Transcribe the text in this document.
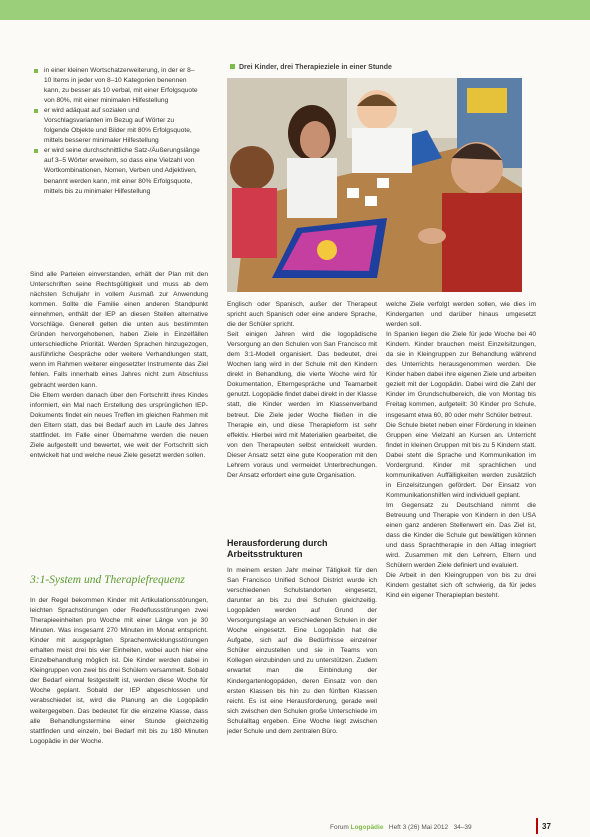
in einer kleinen Wortschatzerweiterung, in der er 8–10 Items in jeder von 8–10 Kategorien benennen kann, zu besser als 10 verbal, mit einer Erfolgsquote von 80%, mit einer minimalen Hilfestellung
er wird adäquat auf sozialen und Vorschlagsvarianten im Bezug auf Wörter zu folgende Objekte und Bilder mit 80% Erfolgsquote, mittels besserer minimaler Hilfestellung
er wird seine durchschnittliche Satz-/Äußerungslänge auf 3–5 Wörter erweitern, so dass eine Vielzahl von Wortkombinationen, Nomen, Verben und Adjektiven, benannt werden kann, mit einer 80% Erfolgsquote, mittels bis zu minimaler Hilfestellung

Sind alle Parteien einverstanden, erhält der Plan mit den Unterschriften seine Rechtsgültigkeit und muss ab dem nächsten Schuljahr in vollem Ausmaß zur Anwendung kommen. Sollte die Familie einen anderen Standpunkt einnehmen, enthält der IEP an diesen Stellen alternative Vorschläge. Generell gelten die unten aus bestimmten Gründen hervorgehobenen, haben Ziele in Einzelfällen unterschiedliche Priorität. Werden Sprachen hinzugezogen, ausführliche Gespräche oder weitere Verhandlungen statt, wenn im Rahmen weiterer eingesetzter Instrumente das Ziel fehlen. Falls innerhalb eines Jahres nicht zum Abschluss gebracht werden kann.

Die Eltern werden danach über den Fortschritt ihres Kindes informiert, ein Mal nach Erstellung des ursprünglichen IEP-Dokuments findet ein neues Treffen im gleichen Rahmen mit den Eltern statt, das bei Bedarf auch im Laufe des Jahres stattfindet. Im Falle einer Übernahme werden die neuen Ziele aufgestellt und bewertet, wie weit der Fortschritt sich entwickelt hat und welche neue Ziele gesetzt werden sollen.

3:1-System und Therapiefrequenz

In der Regel bekommen Kinder mit Artikulationsstörungen, leichten Sprachstörungen oder Redeflussstörungen zwei Therapieeinheiten pro Woche mit einer Länge von je 30 Minuten. Was insgesamt 270 Minuten im Monat entspricht. Kinder mit ausgeprägten Sprachentwicklungsstörungen erhalten meist drei bis vier Einheiten, wobei auch hier eine Einzelbehandlung möglich ist. Die Kinder werden dabei in Kleingruppen von zwei bis drei Schülern versammelt. Sobald der Bedarf einmal festgestellt ist, werden diese Woche für Woche geplant. Sobald der IEP abgeschlossen und verabschiedet ist, wird die Planung an die Logopädin weitergegeben. Das bedeutet für die einzelne Klasse, dass alle Behandlungstermine einer Stunde gleichzeitig stattfinden und einzeln, bei Bedarf mit bis zu 180 Minuten Logopädie in der Woche.

Drei Kinder, drei Therapieziele in einer Stunde

Englisch oder Spanisch, außer der Therapeut spricht auch Spanisch oder eine andere Sprache, die der Schüler spricht.

Seit einigen Jahren wird die logopädische Versorgung an den Schulen von San Francisco mit dem 3:1-Modell organisiert. Das bedeutet, drei Wochen lang wird in der Schule mit den Kindern direkt in Behandlung, die vierte Woche wird für Dokumentation, Elterngespräche und Teamarbeit genutzt. Logopädie findet dabei direkt in der Klasse statt, die Kinder werden im Klassenverband betreut. Die Ziele jeder Woche fließen in die Therapie ein, und diese Therapieform ist sehr effektiv. Hierbei wird mit Materialien gearbeitet, die von den Therapeuten selbst entwickelt wurden. Dieser Ansatz setzt eine gute Kooperation mit den Lehrern voraus und vermeidet Unterbrechungen. Der Ansatz erfordert eine gute Organisation.

Herausforderung durch Arbeitsstrukturen

In meinem ersten Jahr meiner Tätigkeit für den San Francisco Unified School District wurde ich verschiedenen Schulstandorten eingesetzt, darunter an bis zu drei Schulen gleichzeitig. Logopäden werden auf Grund der Versorgungslage an verschiedenen Schulen in der Woche eingesetzt. Eine Logopädin hat die Aufgabe, sich auf die Bedürfnisse einzelner Schüler einzustellen und sie in Teams von Kollegen einzubinden und zu unterstützen. Zudem erwartet man die Einbindung der Kindergartenlogopäden, deren Einsatz von den ersten Klassen bis hin zu den fünften Klassen reicht. Es ist eine Herausforderung, gerade weil sich zwischen den Schulen große Unterschiede im Schulalltag ergeben. Eine Woche liegt zwischen jeder Schule und dem zentralen Büro.

welche Ziele verfolgt werden sollen, wie dies im Kindergarten und darüber hinaus umgesetzt werden soll.

In Spanien liegen die Ziele für jede Woche bei 40 Kindern. Kinder brauchen meist Einzelsitzungen, da sie in Kleingruppen zur Behandlung während des Unterrichts herausgenommen werden. Die Kinder haben dabei ihre eigenen Ziele und arbeiten gezielt mit der Logopädin. Dabei wird die Zahl der Kinder im Grundschulbereich, die von Montag bis Freitag kommen, aufgeteilt: 30 Kinder pro Schule, insgesamt etwa 60, 80 oder mehr Schüler betreut.

Die Schule bietet neben einer Förderung in kleinen Gruppen eine Vielzahl an Kursen an. Unterricht findet in kleinen Gruppen mit bis zu 5 Kindern statt. Dabei steht die Sprache und Kommunikation im Vordergrund. Kinder mit sprachlichen und kommunikativen Auffälligkeiten werden zusätzlich in Einzelsitzungen gefördert. Der Einsatz von Kommunikationshilfen wird individuell geplant.

Im Gegensatz zu Deutschland nimmt die Betreuung und Therapie von Kindern in den USA einen ganz anderen Stellenwert ein. Das Ziel ist, dass die Kinder die Schule gut bewältigen können und dass Sprachtherapie in den Alltag integriert wird. Zusammen mit den Lehrern, Eltern und Schülern werden Ziele definiert und evaluiert.

Die Arbeit in den Kleingruppen von bis zu drei Kindern gestaltet sich oft schwierig, da für jedes Kind ein eigener Therapieplan besteht.

Forum Logopädie Heft 3 (26) Mai 2012 34–39	37
